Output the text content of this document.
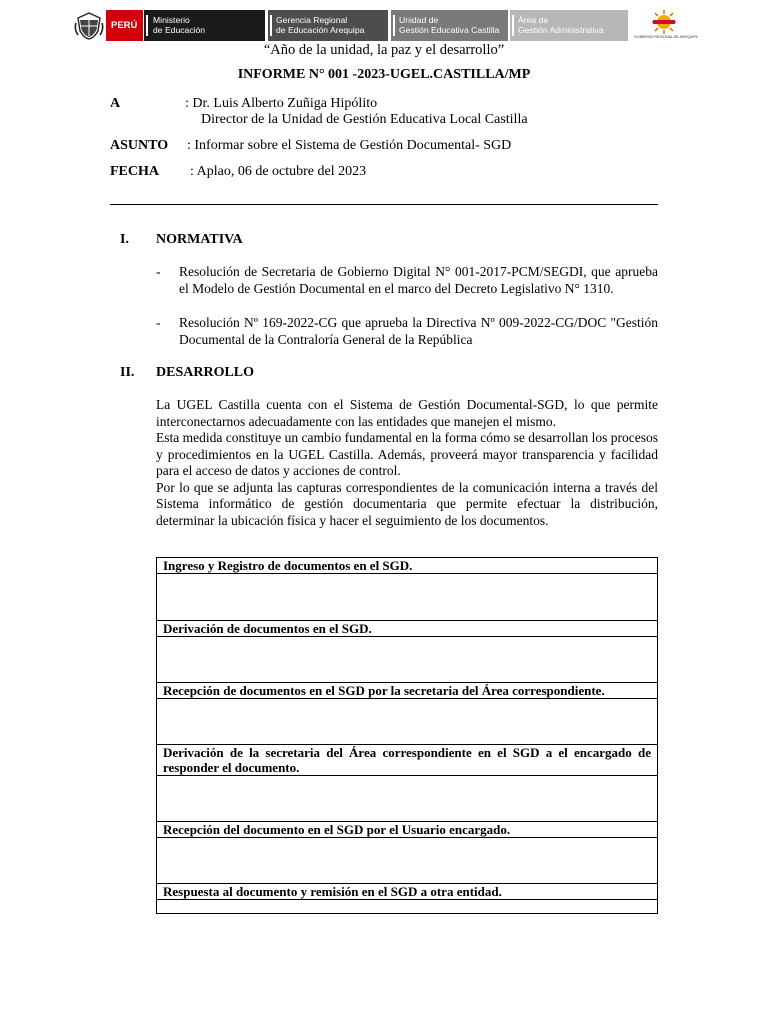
PERÚ	Ministerio
de Educación
Gerencia Regional
de Educación Arequipa
Unidad de
Gestión Educativa Castilla
Área de
Gestión Administrativa
GOBIERNO REGIONAL DE AREQUIPA
“Año de la unidad, la paz y el desarrollo”
INFORME N° 001 -2023-UGEL.CASTILLA/MP
A	: Dr. Luis Alberto Zuñiga Hipólito
Director de la Unidad de Gestión Educativa Local Castilla
ASUNTO : Informar sobre el Sistema de Gestión Documental- SGD
FECHA : Aplao, 06 de octubre del 2023
I. NORMATIVA
- Resolución de Secretaria de Gobierno Digital N° 001-2017-PCM/SEGDI, que aprueba el Modelo de Gestión Documental en el marco del Decreto Legislativo N° 1310.
- Resolución Nº 169-2022-CG que aprueba la Directiva Nº 009-2022-CG/DOC "Gestión Documental de la Contraloría General de la República
II. DESARROLLO
La UGEL Castilla cuenta con el Sistema de Gestión Documental-SGD, lo que permite interconectarnos adecuadamente con las entidades que manejen el mismo.
Esta medida constituye un cambio fundamental en la forma cómo se desarrollan los procesos y procedimientos en la UGEL Castilla. Además, proveerá mayor transparencia y facilidad para el acceso de datos y acciones de control.
Por lo que se adjunta las capturas correspondientes de la comunicación interna a través del Sistema informático de gestión documentaria que permite efectuar la distribución, determinar la ubicación física y hacer el seguimiento de los documentos.
Ingreso y Registro de documentos en el SGD.

Derivación de documentos en el SGD.

Recepción de documentos en el SGD por la secretaria del Área correspondiente.

Derivación de la secretaria del Área correspondiente en el SGD a el encargado de responder el documento.

Recepción del documento en el SGD por el Usuario encargado.

Respuesta al documento y remisión en el SGD a otra entidad.
